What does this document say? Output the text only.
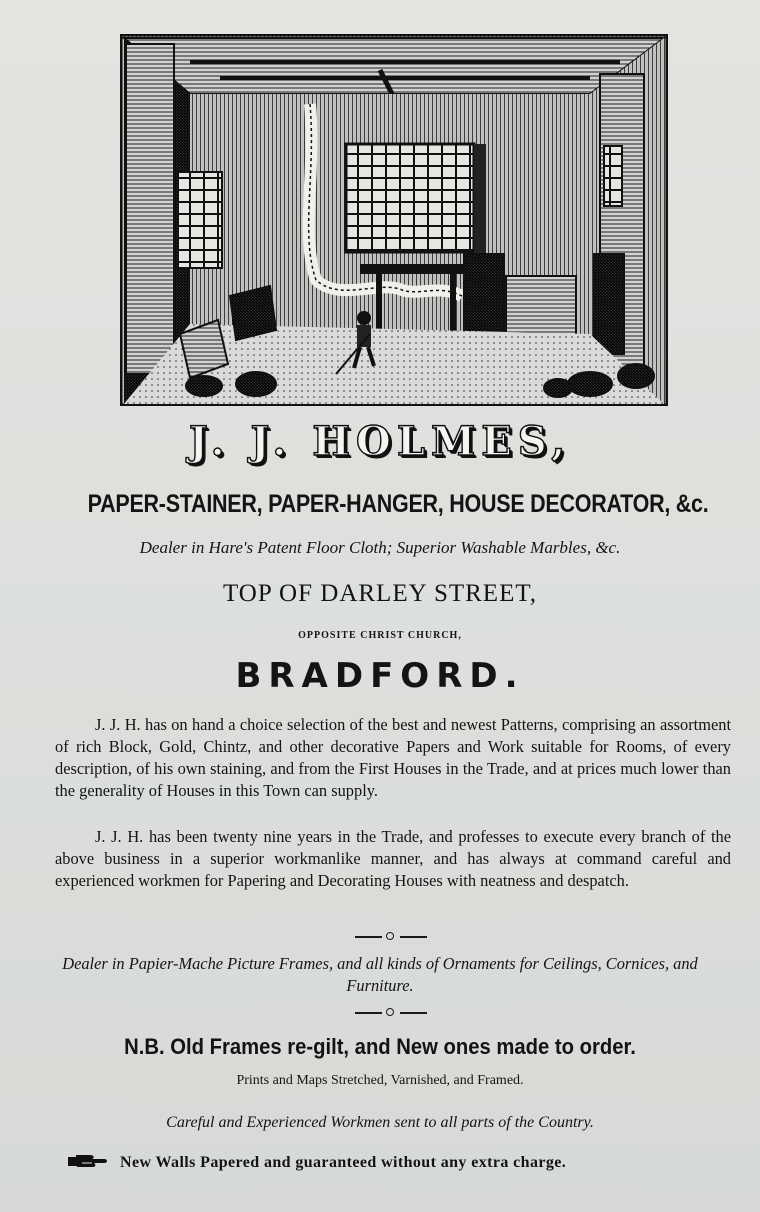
J. J. HOLMES,
PAPER-STAINER, PAPER-HANGER, HOUSE DECORATOR, &c.
Dealer in Hare's Patent Floor Cloth; Superior Washable Marbles, &c.
TOP OF DARLEY STREET,
OPPOSITE CHRIST CHURCH,
BRADFORD.
J. J. H. has on hand a choice selection of the best and newest Patterns, comprising an assortment of rich Block, Gold, Chintz, and other decorative Papers and Work suitable for Rooms, of every description, of his own staining, and from the First Houses in the Trade, and at prices much lower than the generality of Houses in this Town can supply.
J. J. H. has been twenty nine years in the Trade, and professes to execute every branch of the above business in a superior workmanlike manner, and has always at command careful and experienced workmen for Papering and Decorating Houses with neatness and despatch.
Dealer in Papier-Mache Picture Frames, and all kinds of Ornaments for Ceilings, Cornices, and Furniture.
N.B. Old Frames re-gilt, and New ones made to order.
Prints and Maps Stretched, Varnished, and Framed.
Careful and Experienced Workmen sent to all parts of the Country.
New Walls Papered and guaranteed without any extra charge.
